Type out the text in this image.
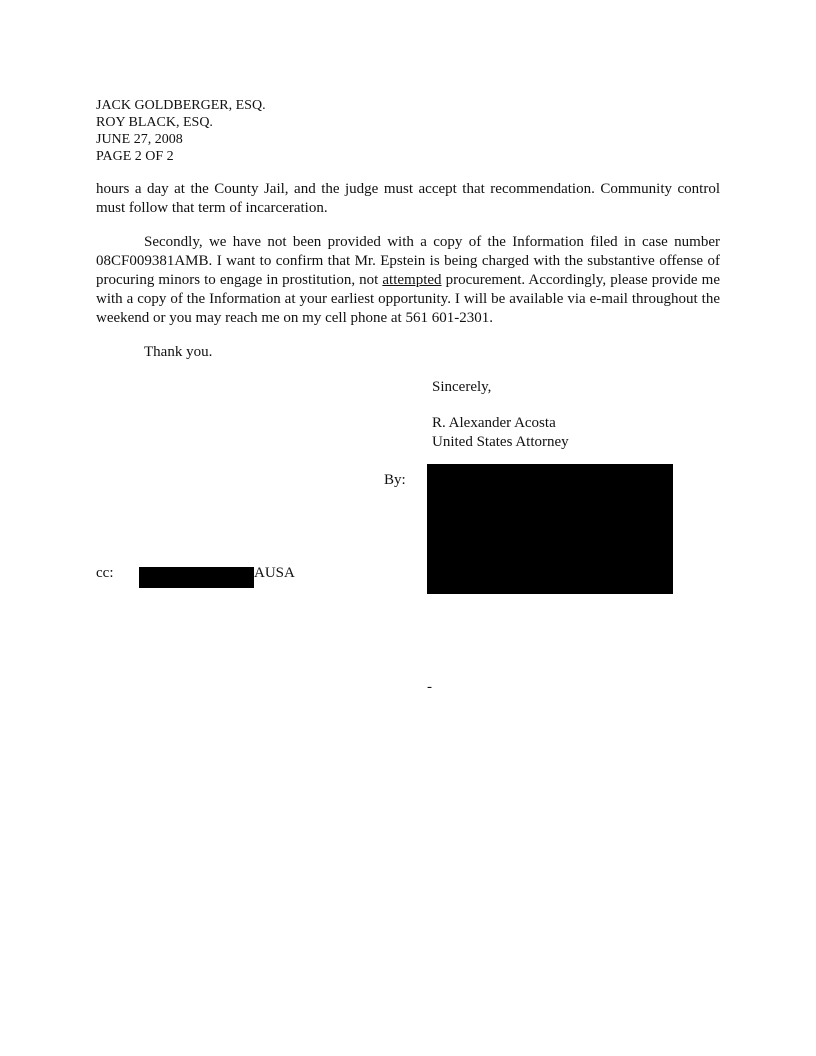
JACK GOLDBERGER, ESQ.
ROY BLACK, ESQ.
JUNE 27, 2008
PAGE 2 OF 2
hours a day at the County Jail, and the judge must accept that recommendation. Community control must follow that term of incarceration.
Secondly, we have not been provided with a copy of the Information filed in case number 08CF009381AMB. I want to confirm that Mr. Epstein is being charged with the substantive offense of procuring minors to engage in prostitution, not attempted procurement. Accordingly, please provide me with a copy of the Information at your earliest opportunity. I will be available via e-mail throughout the weekend or you may reach me on my cell phone at 561 601-2301.
Thank you.
Sincerely,
R. Alexander Acosta
United States Attorney
By:
cc:	AUSA
-
